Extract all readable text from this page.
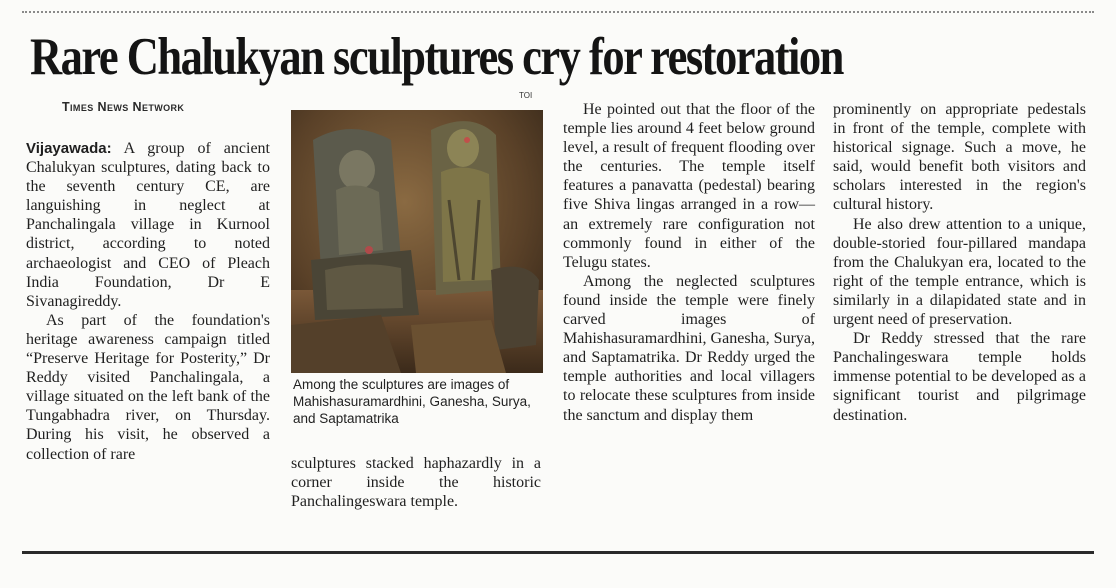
Rare Chalukyan sculptures cry for restoration
Times News Network
TOI

Vijayawada: A group of ancient Chalukyan sculptures, dating back to the seventh century CE, are languishing in neglect at Panchalingala village in Kurnool district, according to noted archaeologist and CEO of Pleach India Foundation, Dr E Sivanagireddy.

As part of the foundation's heritage awareness campaign titled “Preserve Heritage for Posterity,” Dr Reddy visited Panchalingala, a village situated on the left bank of the Tungabhadra river, on Thursday. During his visit, he observed a collection of rare

Among the sculptures are images of Mahishasuramardhini, Ganesha, Surya, and Saptamatrika

sculptures stacked haphazardly in a corner inside the historic Panchalingeswara temple.

He pointed out that the floor of the temple lies around 4 feet below ground level, a result of frequent flooding over the centuries. The temple itself features a panavatta (pedestal) bearing five Shiva lingas arranged in a row—an extremely rare configuration not commonly found in either of the Telugu states.

Among the neglected sculptures found inside the temple were finely carved images of Mahishasuramardhini, Ganesha, Surya, and Saptamatrika. Dr Reddy urged the temple authorities and local villagers to relocate these sculptures from inside the sanctum and display them

prominently on appropriate pedestals in front of the temple, complete with historical signage. Such a move, he said, would benefit both visitors and scholars interested in the region's cultural history.

He also drew attention to a unique, double-storied four-pillared mandapa from the Chalukyan era, located to the right of the temple entrance, which is similarly in a dilapidated state and in urgent need of preservation.

Dr Reddy stressed that the rare Panchalingeswara temple holds immense potential to be developed as a significant tourist and pilgrimage destination.
